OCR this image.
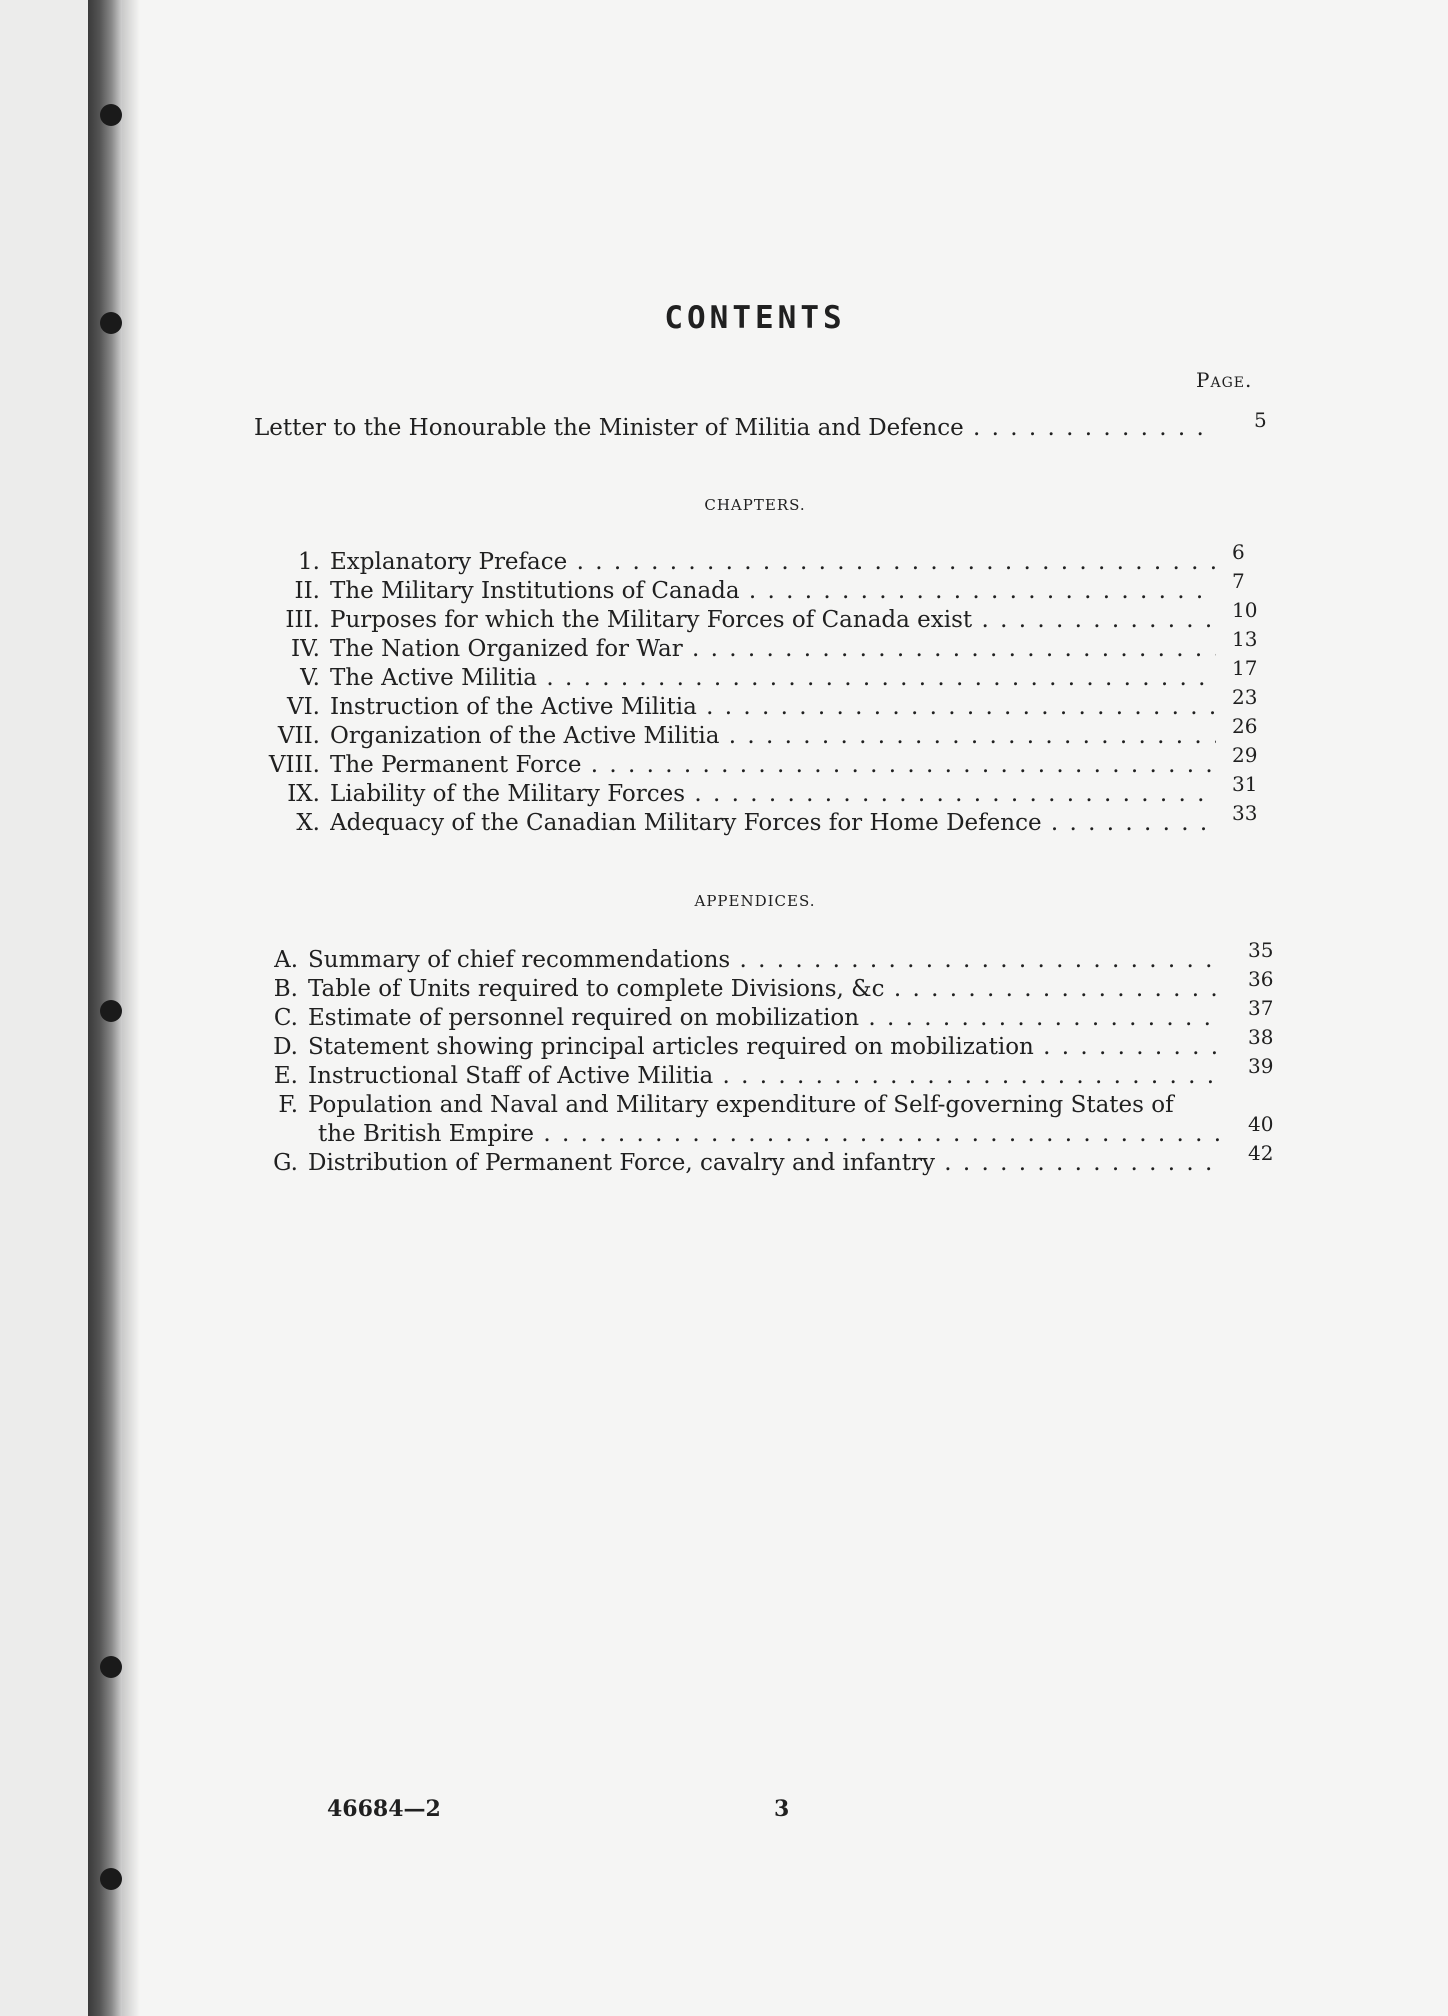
CONTENTS
Page.
Letter to the Honourable the Minister of Militia and Defence . . .	5
CHAPTERS.
1. Explanatory Preface . . .	6
II. The Military Institutions of Canada . . .	7
III. Purposes for which the Military Forces of Canada exist . . .	10
IV. The Nation Organized for War . . .	13
V. The Active Militia . . .	17
VI. Instruction of the Active Militia . . .	23
VII. Organization of the Active Militia . . .	26
VIII. The Permanent Force . . .	29
IX. Liability of the Military Forces . . .	31
X. Adequacy of the Canadian Military Forces for Home Defence . . .	33
APPENDICES.
A. Summary of chief recommendations . . .	35
B. Table of Units required to complete Divisions, &c . . .	36
C. Estimate of personnel required on mobilization . . .	37
D. Statement showing principal articles required on mobilization . . .	38
E. Instructional Staff of Active Militia . . .	39
F. Population and Naval and Military expenditure of Self-governing States of
the British Empire . . .	40
G. Distribution of Permanent Force, cavalry and infantry . . .	42
46684—2	3
